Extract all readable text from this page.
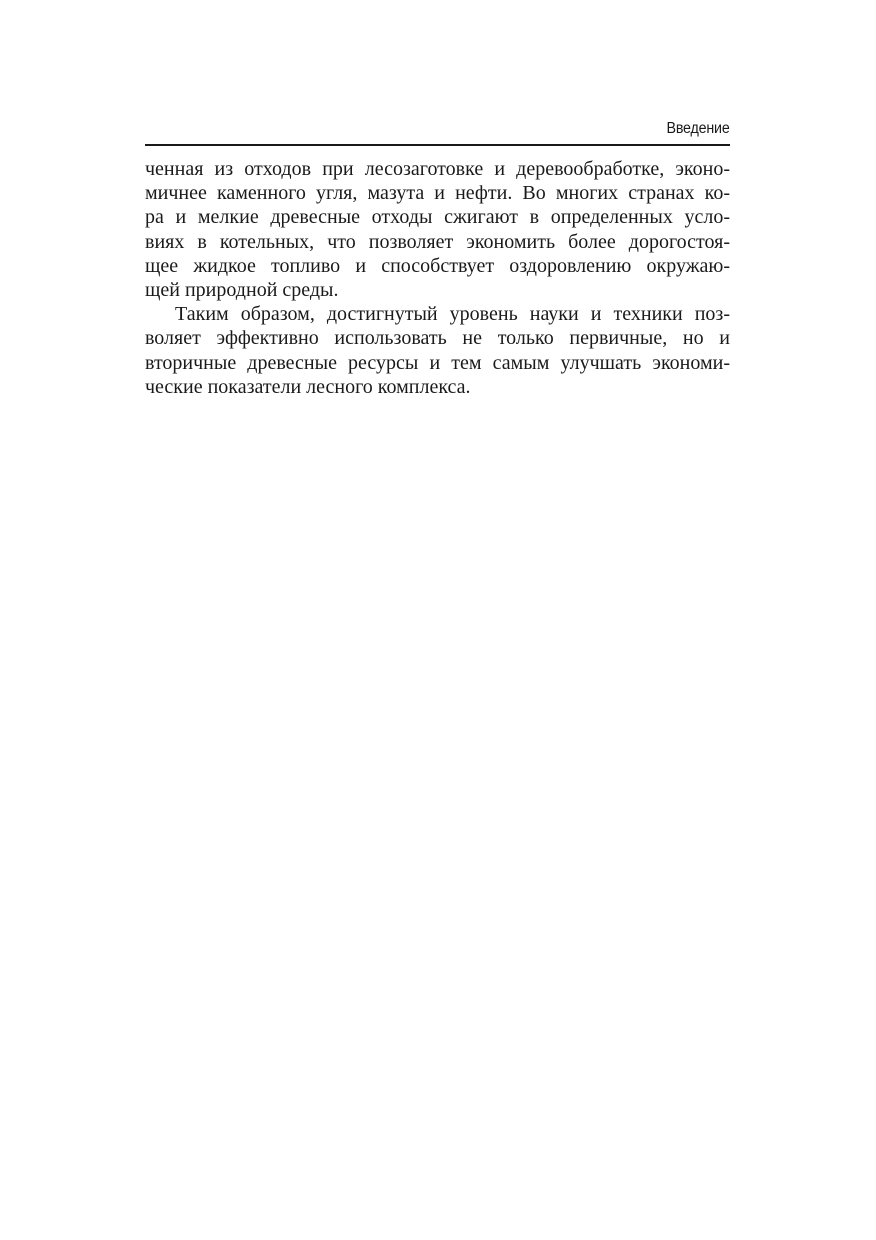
Введение
ченная из отходов при лесозаготовке и деревообработке, эконо-
мичнее каменного угля, мазута и нефти. Во многих странах ко-
ра и мелкие древесные отходы сжигают в определенных усло-
виях в котельных, что позволяет экономить более дорогостоя-
щее жидкое топливо и способствует оздоровлению окружаю-
щей природной среды.
Таким образом, достигнутый уровень науки и техники поз-
воляет эффективно использовать не только первичные, но и
вторичные древесные ресурсы и тем самым улучшать экономи-
ческие показатели лесного комплекса.
